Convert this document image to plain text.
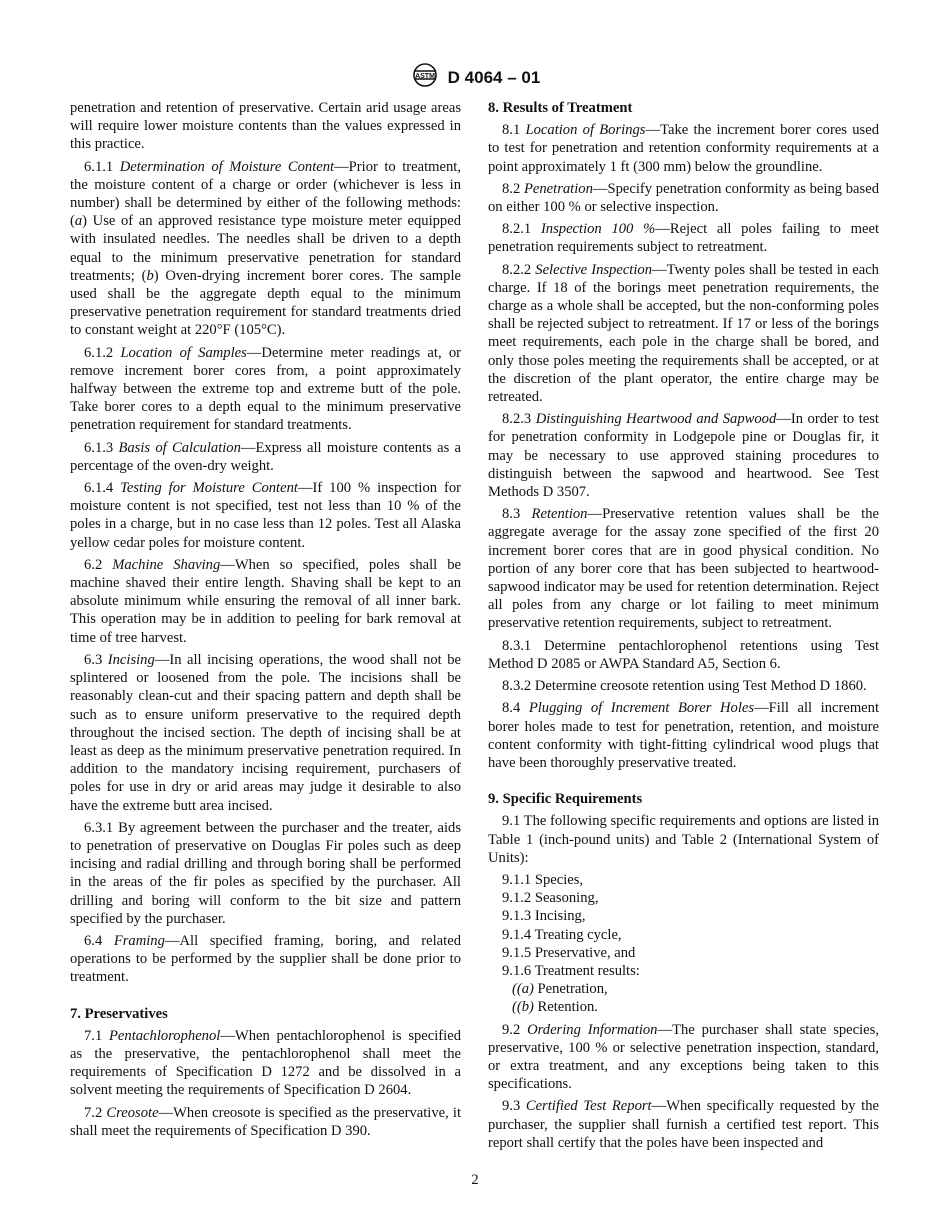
ASTM D 4064 – 01

penetration and retention of preservative. Certain arid usage areas will require lower moisture contents than the values expressed in this practice.

6.1.1 Determination of Moisture Content—Prior to treatment, the moisture content of a charge or order (whichever is less in number) shall be determined by either of the following methods: (a) Use of an approved resistance type moisture meter equipped with insulated needles. The needles shall be driven to a depth equal to the minimum preservative penetration for standard treatments; (b) Oven-drying increment borer cores. The sample used shall be the aggregate depth equal to the minimum preservative penetration requirement for standard treatments dried to constant weight at 220°F (105°C).

6.1.2 Location of Samples—Determine meter readings at, or remove increment borer cores from, a point approximately halfway between the extreme top and extreme butt of the pole. Take borer cores to a depth equal to the minimum preservative penetration requirement for standard treatments.

6.1.3 Basis of Calculation—Express all moisture contents as a percentage of the oven-dry weight.

6.1.4 Testing for Moisture Content—If 100 % inspection for moisture content is not specified, test not less than 10 % of the poles in a charge, but in no case less than 12 poles. Test all Alaska yellow cedar poles for moisture content.

6.2 Machine Shaving—When so specified, poles shall be machine shaved their entire length. Shaving shall be kept to an absolute minimum while ensuring the removal of all inner bark. This operation may be in addition to peeling for bark removal at time of tree harvest.

6.3 Incising—In all incising operations, the wood shall not be splintered or loosened from the pole. The incisions shall be reasonably clean-cut and their spacing pattern and depth shall be such as to ensure uniform preservative to the required depth throughout the incised section. The depth of incising shall be at least as deep as the minimum preservative penetration required. In addition to the mandatory incising requirement, purchasers of poles for use in dry or arid areas may judge it desirable to also have the extreme butt area incised.

6.3.1 By agreement between the purchaser and the treater, aids to penetration of preservative on Douglas Fir poles such as deep incising and radial drilling and through boring shall be performed in the areas of the fir poles as specified by the purchaser. All drilling and boring will conform to the bit size and pattern specified by the purchaser.

6.4 Framing—All specified framing, boring, and related operations to be performed by the supplier shall be done prior to treatment.

7. Preservatives

7.1 Pentachlorophenol—When pentachlorophenol is specified as the preservative, the pentachlorophenol shall meet the requirements of Specification D 1272 and be dissolved in a solvent meeting the requirements of Specification D 2604.

7.2 Creosote—When creosote is specified as the preservative, it shall meet the requirements of Specification D 390.

8. Results of Treatment

8.1 Location of Borings—Take the increment borer cores used to test for penetration and retention conformity requirements at a point approximately 1 ft (300 mm) below the groundline.

8.2 Penetration—Specify penetration conformity as being based on either 100 % or selective inspection.

8.2.1 Inspection 100 %—Reject all poles failing to meet penetration requirements subject to retreatment.

8.2.2 Selective Inspection—Twenty poles shall be tested in each charge. If 18 of the borings meet penetration requirements, the charge as a whole shall be accepted, but the non-conforming poles shall be rejected subject to retreatment. If 17 or less of the borings meet requirements, each pole in the charge shall be bored, and only those poles meeting the requirements shall be accepted, or at the discretion of the plant operator, the entire charge may be retreated.

8.2.3 Distinguishing Heartwood and Sapwood—In order to test for penetration conformity in Lodgepole pine or Douglas fir, it may be necessary to use approved staining procedures to distinguish between the sapwood and heartwood. See Test Methods D 3507.

8.3 Retention—Preservative retention values shall be the aggregate average for the assay zone specified of the first 20 increment borer cores that are in good physical condition. No portion of any borer core that has been subjected to heartwood-sapwood indicator may be used for retention determination. Reject all poles from any charge or lot failing to meet minimum preservative retention requirements, subject to retreatment.

8.3.1 Determine pentachlorophenol retentions using Test Method D 2085 or AWPA Standard A5, Section 6.

8.3.2 Determine creosote retention using Test Method D 1860.

8.4 Plugging of Increment Borer Holes—Fill all increment borer holes made to test for penetration, retention, and moisture content conformity with tight-fitting cylindrical wood plugs that have been thoroughly preservative treated.

9. Specific Requirements

9.1 The following specific requirements and options are listed in Table 1 (inch-pound units) and Table 2 (International System of Units):

9.1.1 Species,
9.1.2 Seasoning,
9.1.3 Incising,
9.1.4 Treating cycle,
9.1.5 Preservative, and
9.1.6 Treatment results:
((a) Penetration,
((b) Retention.

9.2 Ordering Information—The purchaser shall state species, preservative, 100 % or selective penetration inspection, standard, or extra treatment, and any exceptions being taken to this specifications.

9.3 Certified Test Report—When specifically requested by the purchaser, the supplier shall furnish a certified test report. This report shall certify that the poles have been inspected and

2
